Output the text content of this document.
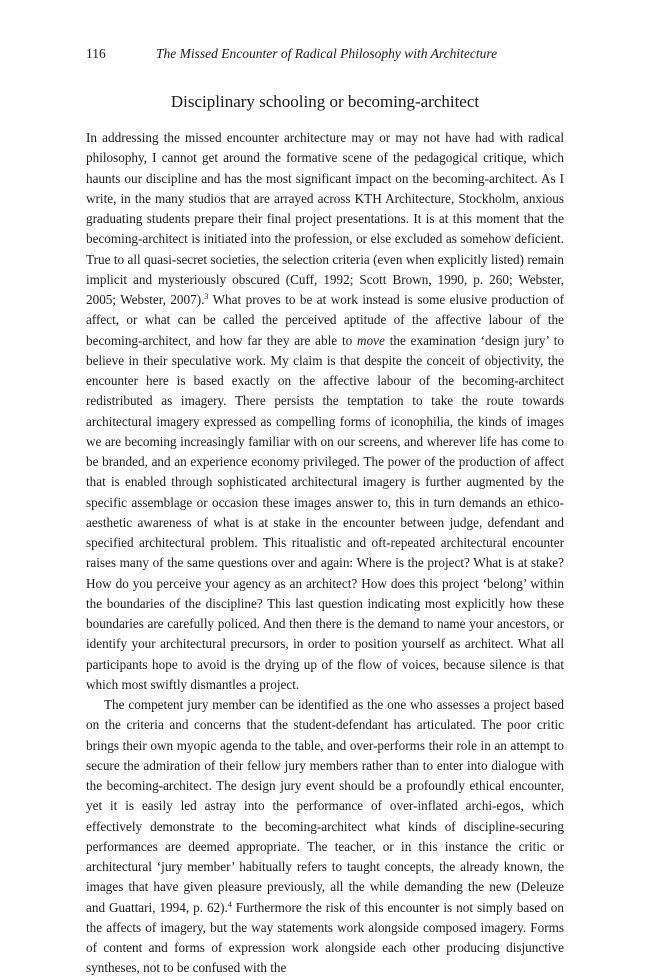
116	The Missed Encounter of Radical Philosophy with Architecture
Disciplinary schooling or becoming-architect

In addressing the missed encounter architecture may or may not have had with radical philosophy, I cannot get around the formative scene of the pedagogical critique, which haunts our discipline and has the most significant impact on the becoming-architect. As I write, in the many studios that are arrayed across KTH Architecture, Stockholm, anxious graduating students prepare their final project presentations. It is at this moment that the becoming-architect is initiated into the profession, or else excluded as somehow deficient. True to all quasi-secret societies, the selection criteria (even when explicitly listed) remain implicit and mysteriously obscured (Cuff, 1992; Scott Brown, 1990, p. 260; Webster, 2005; Webster, 2007).$^3$ What proves to be at work instead is some elusive production of affect, or what can be called the perceived aptitude of the affective labour of the becoming-architect, and how far they are able to move the examination ‘design jury’ to believe in their speculative work. My claim is that despite the conceit of objectivity, the encounter here is based exactly on the affective labour of the becoming-architect redistributed as imagery. There persists the temptation to take the route towards architectural imagery expressed as compelling forms of iconophilia, the kinds of images we are becoming increasingly familiar with on our screens, and wherever life has come to be branded, and an experience economy privileged. The power of the production of affect that is enabled through sophisticated architectural imagery is further augmented by the specific assemblage or occasion these images answer to, this in turn demands an ethico-aesthetic awareness of what is at stake in the encounter between judge, defendant and specified architectural problem. This ritualistic and oft-repeated architectural encounter raises many of the same questions over and again: Where is the project? What is at stake? How do you perceive your agency as an architect? How does this project ‘belong’ within the boundaries of the discipline? This last question indicating most explicitly how these boundaries are carefully policed. And then there is the demand to name your ancestors, or identify your architectural precursors, in order to position yourself as architect. What all participants hope to avoid is the drying up of the flow of voices, because silence is that which most swiftly dismantles a project.

The competent jury member can be identified as the one who assesses a project based on the criteria and concerns that the student-defendant has articulated. The poor critic brings their own myopic agenda to the table, and over-performs their role in an attempt to secure the admiration of their fellow jury members rather than to enter into dialogue with the becoming-architect. The design jury event should be a profoundly ethical encounter, yet it is easily led astray into the performance of over-inflated archi-egos, which effectively demonstrate to the becoming-architect what kinds of discipline-securing performances are deemed appropriate. The teacher, or in this instance the critic or architectural ‘jury member’ habitually refers to taught concepts, the already known, the images that have given pleasure previously, all the while demanding the new (Deleuze and Guattari, 1994, p. 62).$^4$ Furthermore the risk of this encounter is not simply based on the affects of imagery, but the way statements work alongside composed imagery. Forms of content and forms of expression work alongside each other producing disjunctive syntheses, not to be confused with the
